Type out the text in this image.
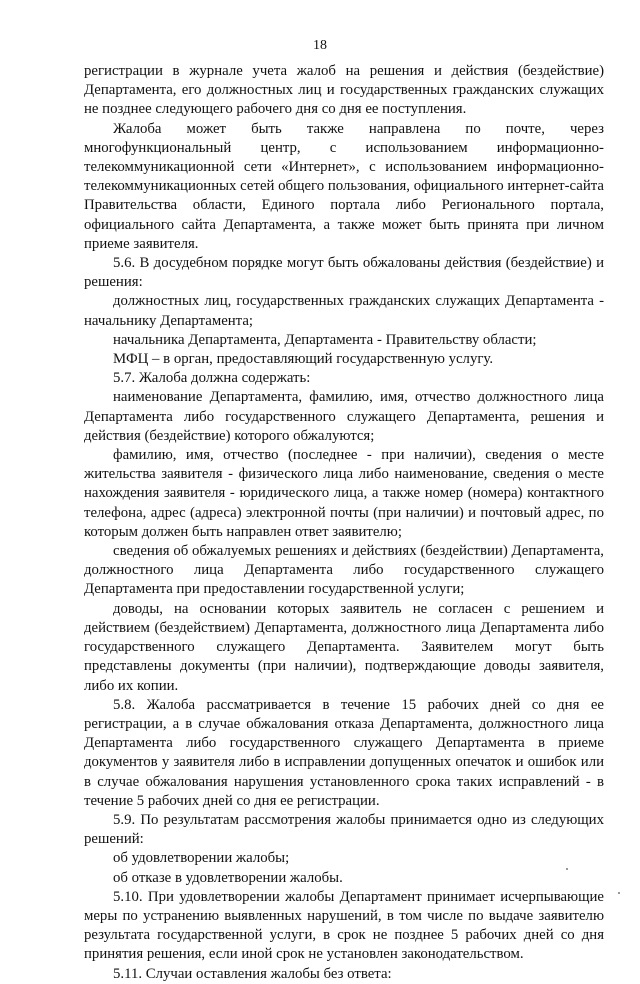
18

регистрации в журнале учета жалоб на решения и действия (бездействие) Департамента, его должностных лиц и государственных гражданских служащих не позднее следующего рабочего дня со дня ее поступления.

Жалоба может быть также направлена по почте, через многофункциональный центр, с использованием информационно-телекоммуникационной сети «Интернет», с использованием информационно-телекоммуникационных сетей общего пользования, официального интернет-сайта Правительства области, Единого портала либо Регионального портала, официального сайта Департамента, а также может быть принята при личном приеме заявителя.

5.6. В досудебном порядке могут быть обжалованы действия (бездействие) и решения:

должностных лиц, государственных гражданских служащих Департамента - начальнику Департамента;

начальника Департамента, Департамента - Правительству области;

МФЦ – в орган, предоставляющий государственную услугу.

5.7. Жалоба должна содержать:

наименование Департамента, фамилию, имя, отчество должностного лица Департамента либо государственного служащего Департамента, решения и действия (бездействие) которого обжалуются;

фамилию, имя, отчество (последнее - при наличии), сведения о месте жительства заявителя - физического лица либо наименование, сведения о месте нахождения заявителя - юридического лица, а также номер (номера) контактного телефона, адрес (адреса) электронной почты (при наличии) и почтовый адрес, по которым должен быть направлен ответ заявителю;

сведения об обжалуемых решениях и действиях (бездействии) Департамента, должностного лица Департамента либо государственного служащего Департамента при предоставлении государственной услуги;

доводы, на основании которых заявитель не согласен с решением и действием (бездействием) Департамента, должностного лица Департамента либо государственного служащего Департамента. Заявителем могут быть представлены документы (при наличии), подтверждающие доводы заявителя, либо их копии.

5.8. Жалоба рассматривается в течение 15 рабочих дней со дня ее регистрации, а в случае обжалования отказа Департамента, должностного лица Департамента либо государственного служащего Департамента в приеме документов у заявителя либо в исправлении допущенных опечаток и ошибок или в случае обжалования нарушения установленного срока таких исправлений - в течение 5 рабочих дней со дня ее регистрации.

5.9. По результатам рассмотрения жалобы принимается одно из следующих решений:

об удовлетворении жалобы;

об отказе в удовлетворении жалобы.

5.10. При удовлетворении жалобы Департамент принимает исчерпывающие меры по устранению выявленных нарушений, в том числе по выдаче заявителю результата государственной услуги, в срок не позднее 5 рабочих дней со дня принятия решения, если иной срок не установлен законодательством.

5.11. Случаи оставления жалобы без ответа:
